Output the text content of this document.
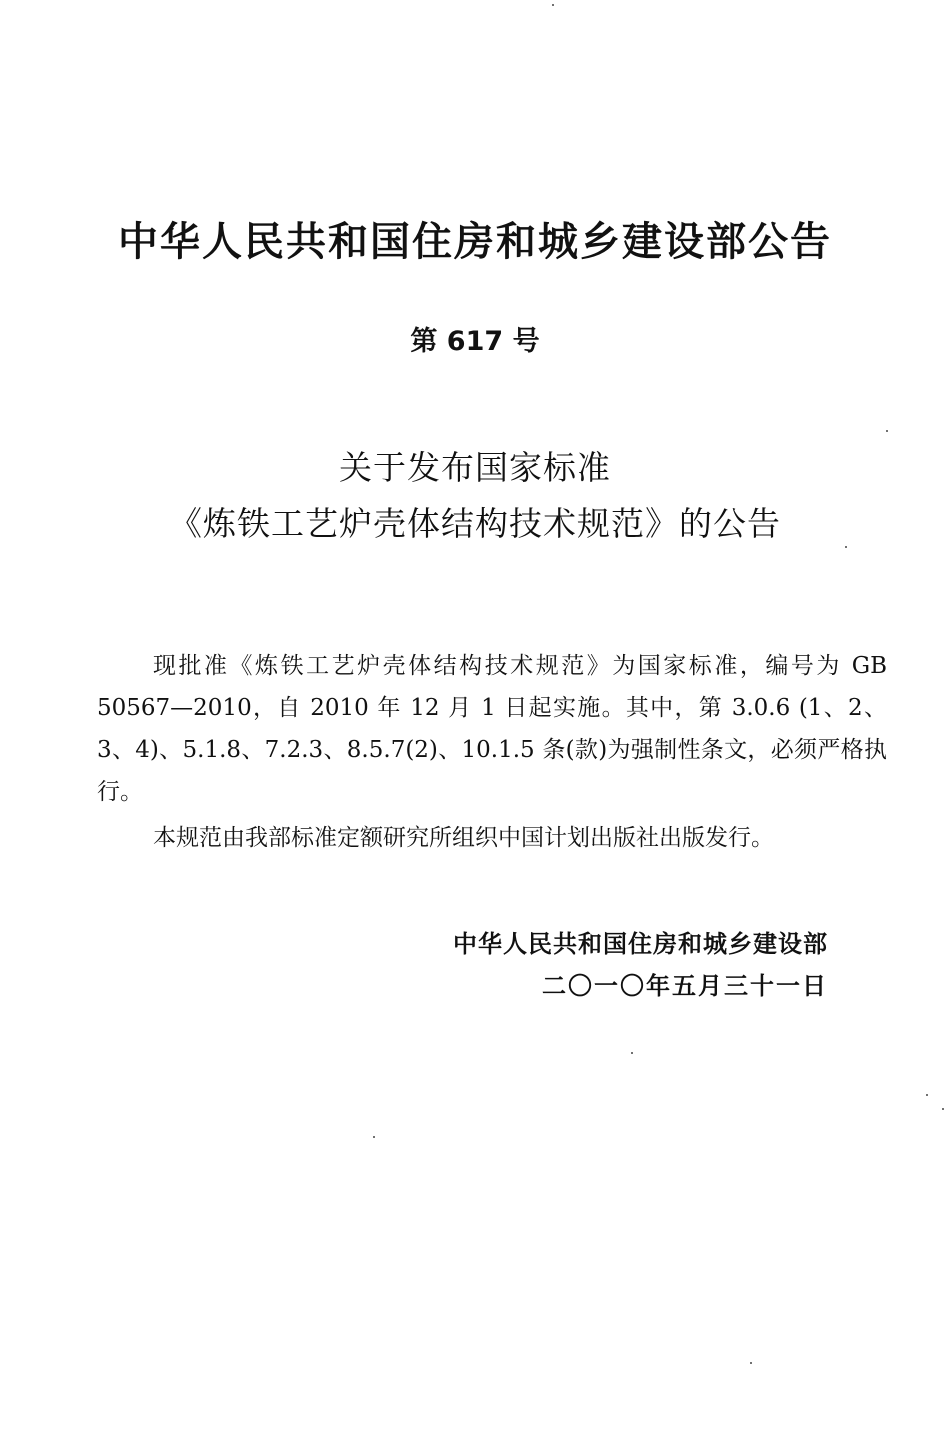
中华人民共和国住房和城乡建设部公告
第 617 号
关于发布国家标准
《炼铁工艺炉壳体结构技术规范》的公告

现批准《炼铁工艺炉壳体结构技术规范》为国家标准，编号为 GB 50567—2010，自 2010 年 12 月 1 日起实施。其中，第 3.0.6 (1、2、3、4)、5.1.8、7.2.3、8.5.7(2)、10.1.5 条(款)为强制性条文，必须严格执行。

本规范由我部标准定额研究所组织中国计划出版社出版发行。

中华人民共和国住房和城乡建设部
二〇一〇年五月三十一日
